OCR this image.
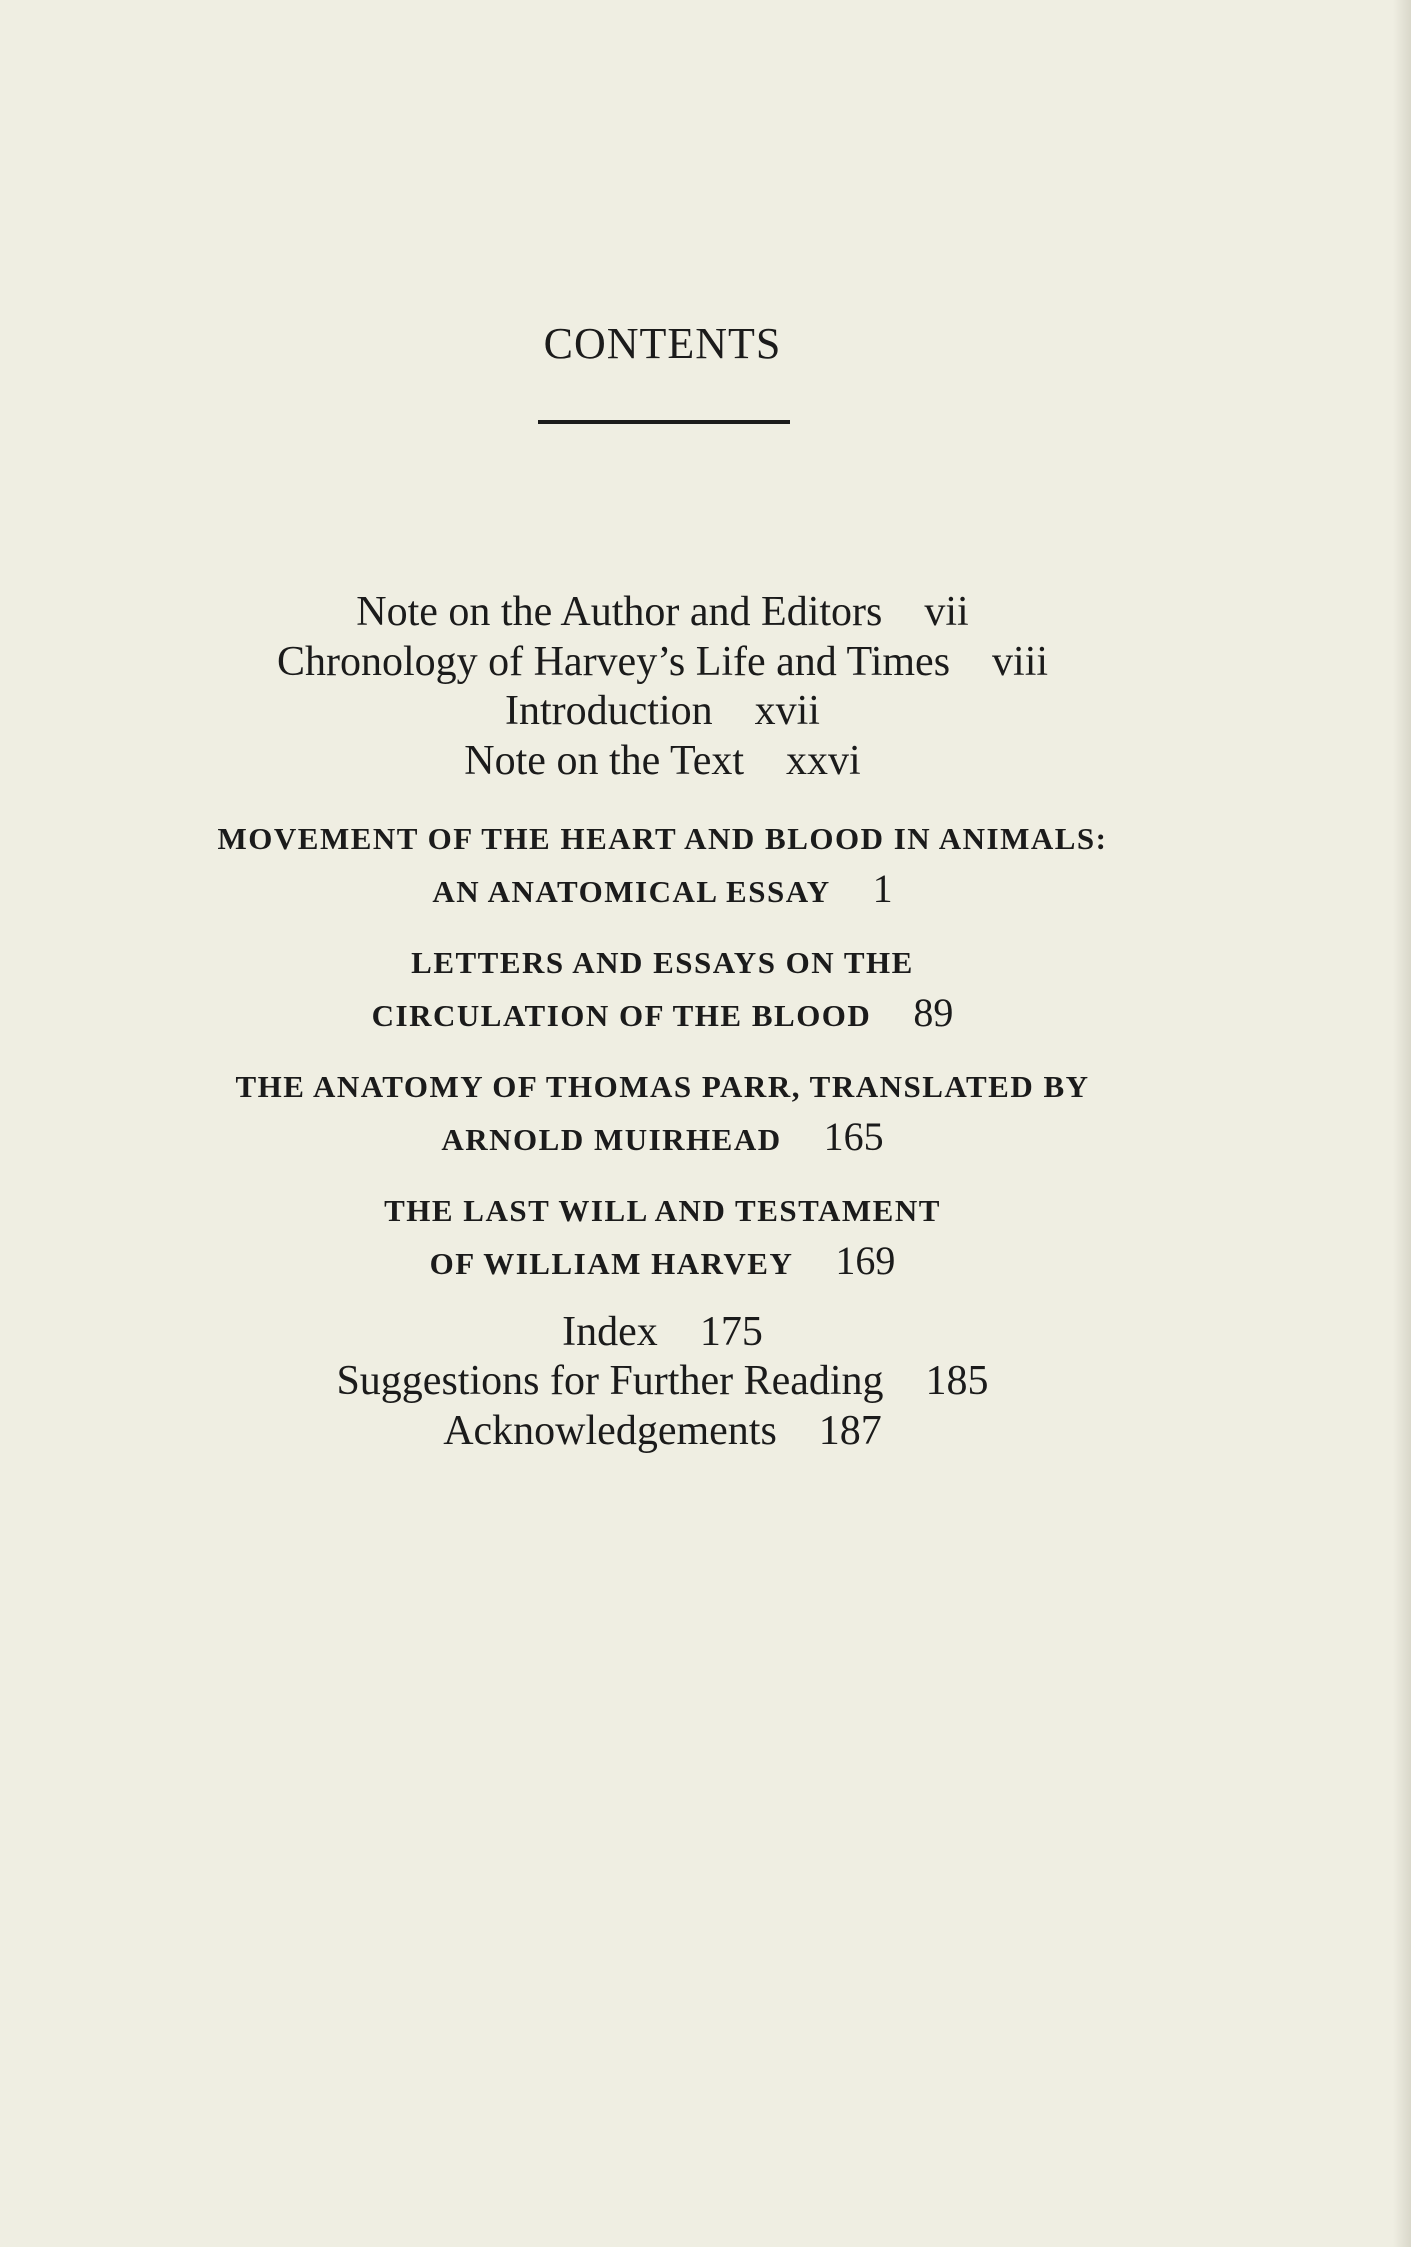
CONTENTS
Note on the Author and Editors vii
Chronology of Harvey’s Life and Times viii
Introduction xvii
Note on the Text xxvi
MOVEMENT OF THE HEART AND BLOOD IN ANIMALS:
AN ANATOMICAL ESSAY 1
LETTERS AND ESSAYS ON THE
CIRCULATION OF THE BLOOD 89
THE ANATOMY OF THOMAS PARR, TRANSLATED BY
ARNOLD MUIRHEAD 165
THE LAST WILL AND TESTAMENT
OF WILLIAM HARVEY 169
Index 175
Suggestions for Further Reading 185
Acknowledgements 187
